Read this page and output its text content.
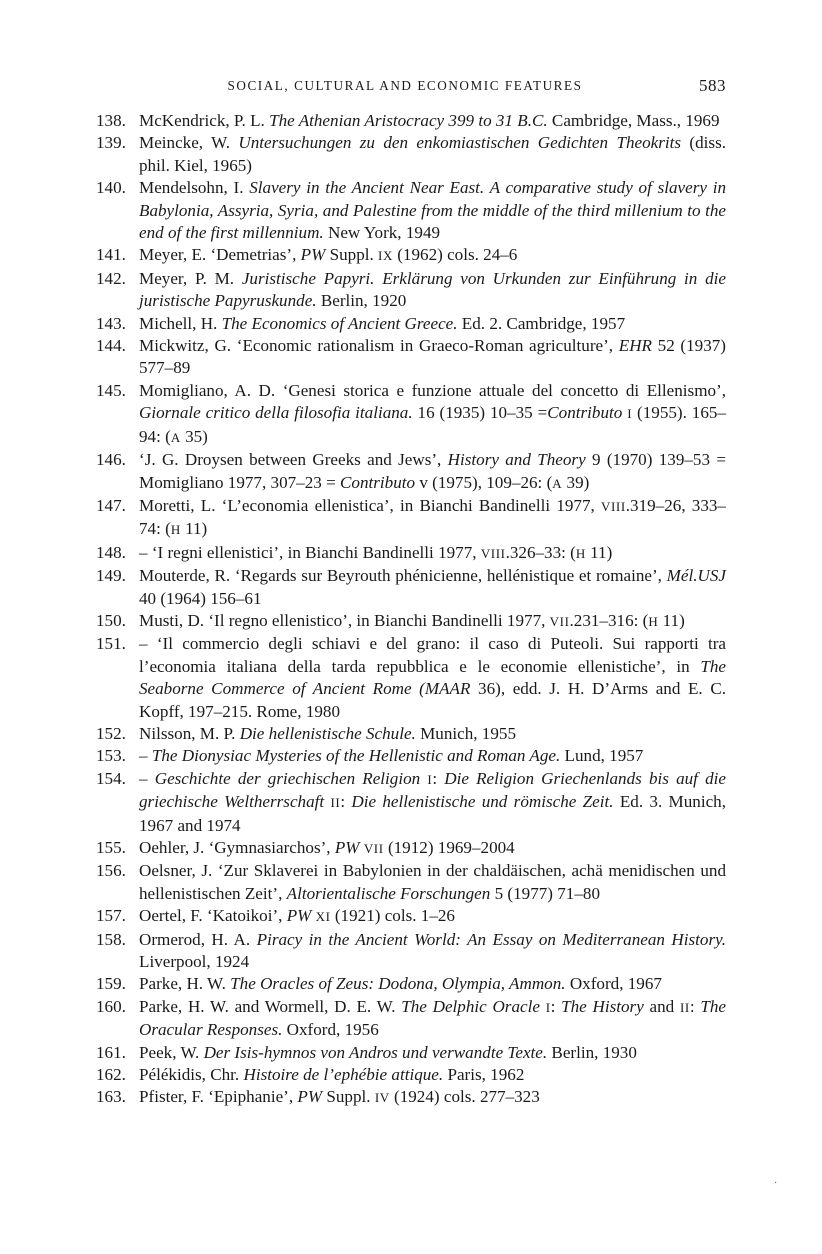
SOCIAL, CULTURAL AND ECONOMIC FEATURES	583

138. McKendrick, P. L. The Athenian Aristocracy 399 to 31 B.C. Cambridge, Mass., 1969

139. Meincke, W. Untersuchungen zu den enkomiastischen Gedichten Theokrits (diss. phil. Kiel, 1965)

140. Mendelsohn, I. Slavery in the Ancient Near East. A comparative study of slavery in Babylonia, Assyria, Syria, and Palestine from the middle of the third millenium to the end of the first millennium. New York, 1949

141. Meyer, E. ‘Demetrias’, PW Suppl. IX (1962) cols. 24–6

142. Meyer, P. M. Juristische Papyri. Erklärung von Urkunden zur Einführung in die juristische Papyruskunde. Berlin, 1920

143. Michell, H. The Economics of Ancient Greece. Ed. 2. Cambridge, 1957

144. Mickwitz, G. ‘Economic rationalism in Graeco-Roman agriculture’, EHR 52 (1937) 577–89

145. Momigliano, A. D. ‘Genesi storica e funzione attuale del concetto di Ellenismo’, Giornale critico della filosofia italiana. 16 (1935) 10–35 =Contributo I (1955). 165–94: (A 35)

146. ‘J. G. Droysen between Greeks and Jews’, History and Theory 9 (1970) 139–53 = Momigliano 1977, 307–23 = Contributo v (1975), 109–26: (A 39)

147. Moretti, L. ‘L’economia ellenistica’, in Bianchi Bandinelli 1977, VIII.319–26, 333–74: (H 11)

148. – ‘I regni ellenistici’, in Bianchi Bandinelli 1977, VIII.326–33: (H 11)

149. Mouterde, R. ‘Regards sur Beyrouth phénicienne, hellénistique et romaine’, Mél.USJ 40 (1964) 156–61

150. Musti, D. ‘Il regno ellenistico’, in Bianchi Bandinelli 1977, VII.231–316: (H 11)

151. – ‘Il commercio degli schiavi e del grano: il caso di Puteoli. Sui rapporti tra l’economia italiana della tarda repubblica e le economie ellenistiche’, in The Seaborne Commerce of Ancient Rome (MAAR 36), edd. J. H. D’Arms and E. C. Kopff, 197–215. Rome, 1980

152. Nilsson, M. P. Die hellenistische Schule. Munich, 1955

153. – The Dionysiac Mysteries of the Hellenistic and Roman Age. Lund, 1957

154. – Geschichte der griechischen Religion I: Die Religion Griechenlands bis auf die griechische Weltherrschaft II: Die hellenistische und römische Zeit. Ed. 3. Munich, 1967 and 1974

155. Oehler, J. ‘Gymnasiarchos’, PW VII (1912) 1969–2004

156. Oelsner, J. ‘Zur Sklaverei in Babylonien in der chaldäischen, achä menidischen und hellenistischen Zeit’, Altorientalische Forschungen 5 (1977) 71–80

157. Oertel, F. ‘Katoikoi’, PW XI (1921) cols. 1–26

158. Ormerod, H. A. Piracy in the Ancient World: An Essay on Mediterranean History. Liverpool, 1924

159. Parke, H. W. The Oracles of Zeus: Dodona, Olympia, Ammon. Oxford, 1967

160. Parke, H. W. and Wormell, D. E. W. The Delphic Oracle I: The History and II: The Oracular Responses. Oxford, 1956

161. Peek, W. Der Isis-hymnos von Andros und verwandte Texte. Berlin, 1930

162. Pélékidis, Chr. Histoire de l’ephébie attique. Paris, 1962

163. Pfister, F. ‘Epiphanie’, PW Suppl. IV (1924) cols. 277–323

·
